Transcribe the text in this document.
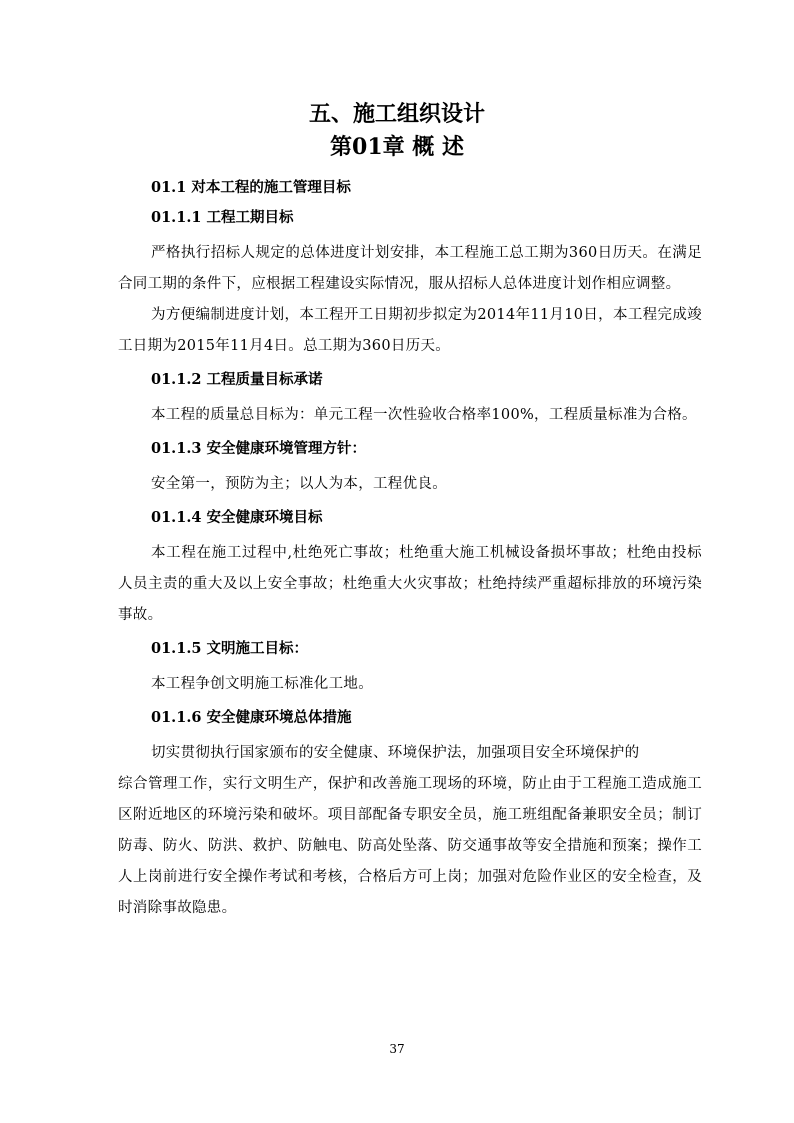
五、施工组织设计
第01章 概 述
01.1 对本工程的施工管理目标
01.1.1 工程工期目标

严格执行招标人规定的总体进度计划安排，本工程施工总工期为360日历天。在满足合同工期的条件下，应根据工程建设实际情况，服从招标人总体进度计划作相应调整。

为方便编制进度计划，本工程开工日期初步拟定为2014年11月10日，本工程完成竣工日期为2015年11月4日。总工期为360日历天。

01.1.2 工程质量目标承诺

本工程的质量总目标为：单元工程一次性验收合格率100%，工程质量标准为合格。

01.1.3 安全健康环境管理方针：

安全第一，预防为主；以人为本，工程优良。

01.1.4 安全健康环境目标

本工程在施工过程中,杜绝死亡事故；杜绝重大施工机械设备损坏事故；杜绝由投标人员主责的重大及以上安全事故；杜绝重大火灾事故；杜绝持续严重超标排放的环境污染事故。

01.1.5 文明施工目标：

本工程争创文明施工标准化工地。

01.1.6 安全健康环境总体措施

切实贯彻执行国家颁布的安全健康、环境保护法，加强项目安全环境保护的

综合管理工作，实行文明生产，保护和改善施工现场的环境，防止由于工程施工造成施工区附近地区的环境污染和破坏。项目部配备专职安全员，施工班组配备兼职安全员；制订防毒、防火、防洪、救护、防触电、防高处坠落、防交通事故等安全措施和预案；操作工人上岗前进行安全操作考试和考核，合格后方可上岗；加强对危险作业区的安全检查，及时消除事故隐患。

37
